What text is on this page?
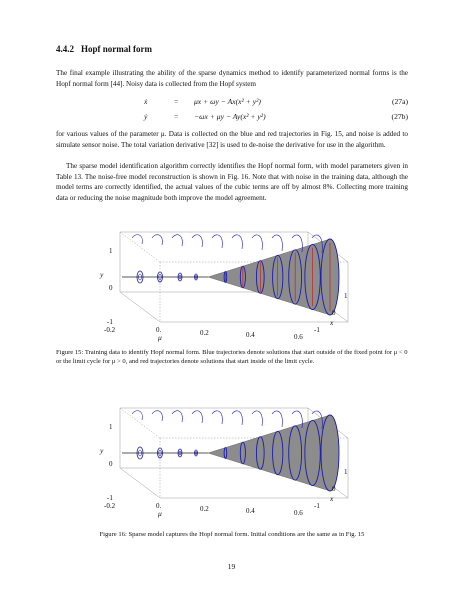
4.4.2 Hopf normal form

The final example illustrating the ability of the sparse dynamics method to identify parameterized normal forms is the Hopf normal form [44]. Noisy data is collected from the Hopf system

ẋ	= μx + ωy − Ax(x² + y²)	(27a)
ẏ	= −ωx + μy − Ay(x² + y²)	(27b)

for various values of the parameter μ. Data is collected on the blue and red trajectories in Fig. 15, and noise is added to simulate sensor noise. The total variation derivative [32] is used to de-noise the derivative for use in the algorithm.

The sparse model identification algorithm correctly identifies the Hopf normal form, with model parameters given in Table 13. The noise-free model reconstruction is shown in Fig. 16. Note that with noise in the training data, although the model terms are correctly identified, the actual values of the cubic terms are off by almost 8%. Collecting more training data or reducing the noise magnitude both improve the model agreement.

1
0
-1
y
-0.2	0.	0.2	0.4	0.6
μ
1
0
-1
x

Figure 15: Training data to identify Hopf normal form. Blue trajectories denote solutions that start outside of the fixed point for μ < 0 or the limit cycle for μ > 0, and red trajectories denote solutions that start inside of the limit cycle.

1
0
-1
y
-0.2	0.	0.2	0.4	0.6
μ
1
0
-1
x

Figure 16: Sparse model captures the Hopf normal form. Initial conditions are the same as in Fig. 15

19
